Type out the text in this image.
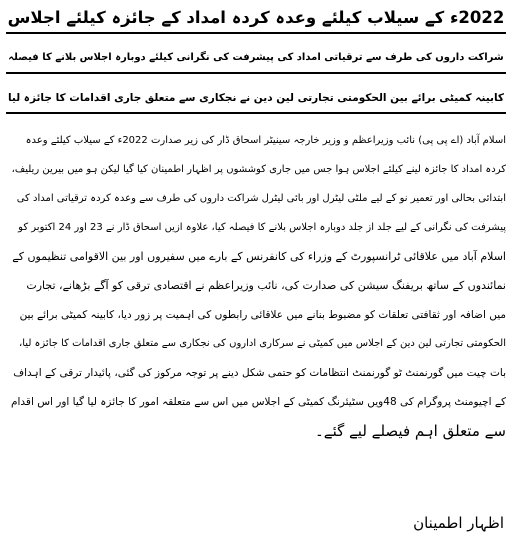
2022ء کے سیلاب کیلئے وعدہ کردہ امداد کے جائزہ کیلئے اجلاس
شراکت داروں کی طرف سے ترقیاتی امداد کی پیشرفت کی نگرانی کیلئے دوبارہ اجلاس بلانے کا فیصلہ
کابینہ کمیٹی برائے بین الحکومتی تجارتی لین دین نے نجکاری سے متعلق جاری اقدامات کا جائزہ لیا
اسلام آباد (اے پی پی) نائب وزیراعظم و وزیر خارجہ سینیٹر اسحاق ڈار کی زیر صدارت 2022ء کے سیلاب کیلئے وعدہ
کردہ امداد کا جائزہ لینے کیلئے اجلاس ہوا جس میں جاری کوششوں پر اظہار اطمینان کیا گیا لیکن ہو میں بیرین ریلیف،
ابتدائی بحالی اور تعمیر نو کے لیے ملٹی لیٹرل اور بائی لیٹرل شراکت داروں کی طرف سے وعدہ کردہ ترقیاتی امداد کی
پیشرفت کی نگرانی کے لیے جلد از جلد دوبارہ اجلاس بلانے کا فیصلہ کیا، علاوہ ازیں اسحاق ڈار نے 23 اور 24 اکتوبر کو
اسلام آباد میں علاقائی ٹرانسپورٹ کے وزراء کی کانفرنس کے بارے میں سفیروں اور بین الاقوامی تنظیموں کے
نمائندوں کے ساتھ بریفنگ سیشن کی صدارت کی، نائب وزیراعظم نے اقتصادی ترقی کو آگے بڑھانے، تجارت
میں اضافہ اور ثقافتی تعلقات کو مضبوط بنانے میں علاقائی رابطوں کی اہمیت پر زور دیا، کابینہ کمیٹی برائے بین
الحکومتی تجارتی لین دین کے اجلاس میں کمیٹی نے سرکاری اداروں کی نجکاری سے متعلق جاری اقدامات کا جائزہ لیا،
بات چیت میں گورنمنٹ ٹو گورنمنٹ انتظامات کو حتمی شکل دینے پر توجہ مرکوز کی گئی، پائیدار ترقی کے اہداف
کے اچیومنٹ پروگرام کی 48ویں سٹیئرنگ کمیٹی کے اجلاس میں اس سے متعلقہ امور کا جائزہ لیا گیا اور اس اقدام
سے متعلق اہم فیصلے لیے گئے۔
اظہار اطمینان
